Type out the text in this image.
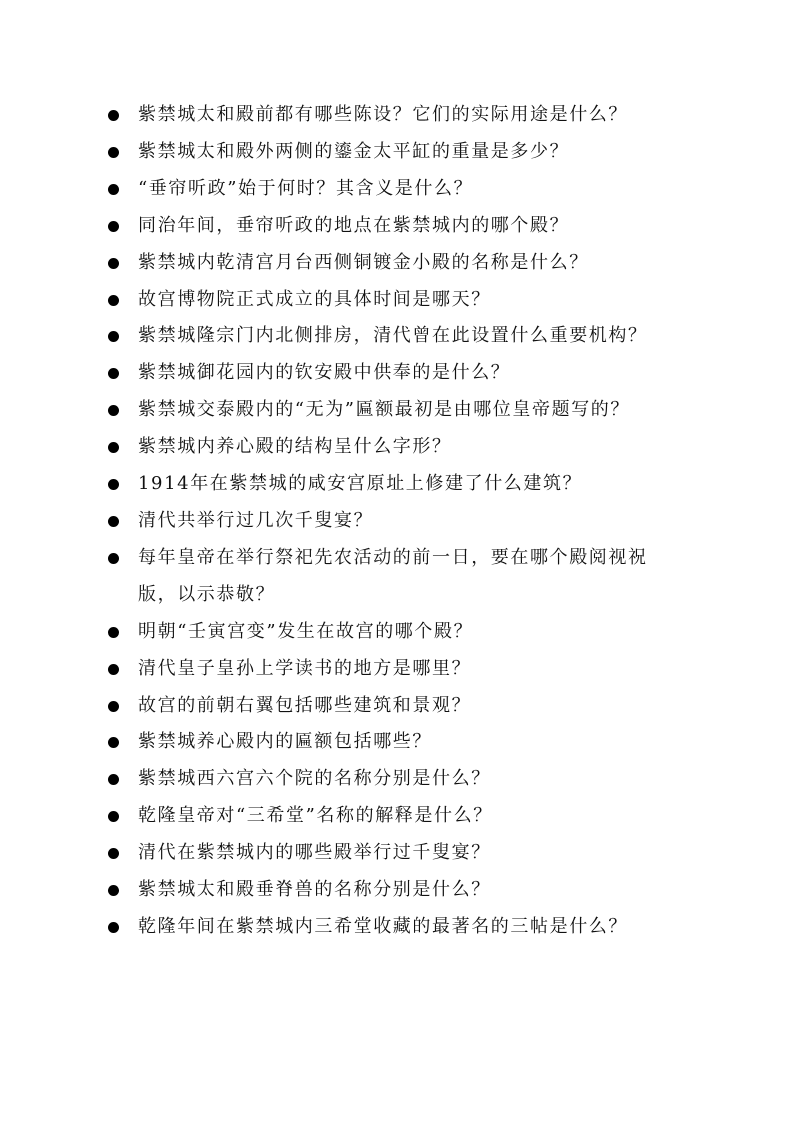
紫禁城太和殿前都有哪些陈设？它们的实际用途是什么？
紫禁城太和殿外两侧的鎏金太平缸的重量是多少？
“垂帘听政”始于何时？其含义是什么？
同治年间，垂帘听政的地点在紫禁城内的哪个殿？
紫禁城内乾清宫月台西侧铜镀金小殿的名称是什么？
故宫博物院正式成立的具体时间是哪天？
紫禁城隆宗门内北侧排房，清代曾在此设置什么重要机构？
紫禁城御花园内的钦安殿中供奉的是什么？
紫禁城交泰殿内的“无为”匾额最初是由哪位皇帝题写的？
紫禁城内养心殿的结构呈什么字形？
1914年在紫禁城的咸安宫原址上修建了什么建筑？
清代共举行过几次千叟宴？
每年皇帝在举行祭祀先农活动的前一日，要在哪个殿阅视祝版，以示恭敬？
明朝“壬寅宫变”发生在故宫的哪个殿？
清代皇子皇孙上学读书的地方是哪里？
故宫的前朝右翼包括哪些建筑和景观？
紫禁城养心殿内的匾额包括哪些？
紫禁城西六宫六个院的名称分别是什么？
乾隆皇帝对“三希堂”名称的解释是什么？
清代在紫禁城内的哪些殿举行过千叟宴？
紫禁城太和殿垂脊兽的名称分别是什么？
乾隆年间在紫禁城内三希堂收藏的最著名的三帖是什么？
